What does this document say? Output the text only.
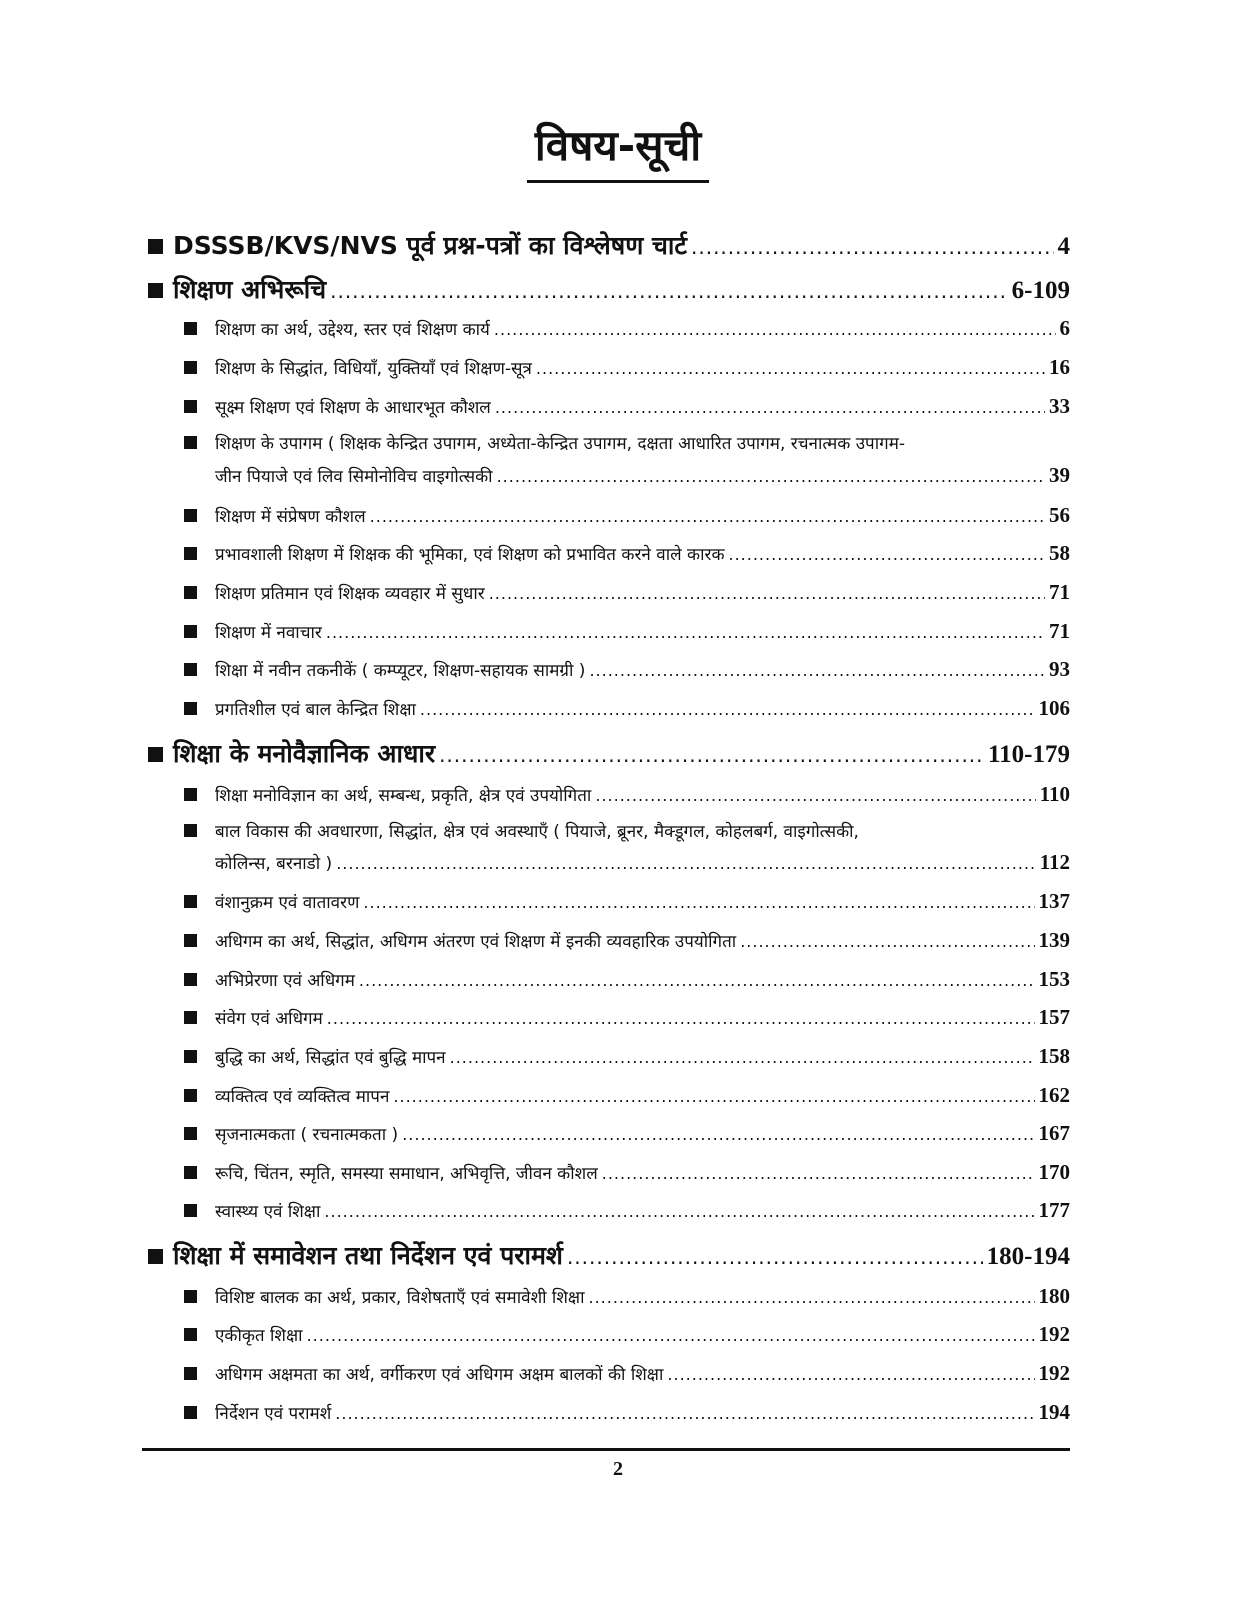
विषय-सूची
DSSSB/KVS/NVS पूर्व प्रश्न-पत्रों का विश्लेषण चार्ट .....	4
शिक्षण अभिरूचि .....	6-109
शिक्षण का अर्थ, उद्देश्य, स्तर एवं शिक्षण कार्य .....	6
शिक्षण के सिद्धांत, विधियाँ, युक्तियाँ एवं शिक्षण-सूत्र .....	16
सूक्ष्म शिक्षण एवं शिक्षण के आधारभूत कौशल .....	33
शिक्षण के उपागम ( शिक्षक केन्द्रित उपागम, अध्येता-केन्द्रित उपागम, दक्षता आधारित उपागम, रचनात्मक उपागम-
जीन पियाजे एवं लिव सिमोनोविच वाइगोत्सकी .....	39
शिक्षण में संप्रेषण कौशल .....	56
प्रभावशाली शिक्षण में शिक्षक की भूमिका, एवं शिक्षण को प्रभावित करने वाले कारक .....	58
शिक्षण प्रतिमान एवं शिक्षक व्यवहार में सुधार .....	71
शिक्षण में नवाचार .....	71
शिक्षा में नवीन तकनीकें ( कम्प्यूटर, शिक्षण-सहायक सामग्री ) .....	93
प्रगतिशील एवं बाल केन्द्रित शिक्षा .....	106
शिक्षा के मनोवैज्ञानिक आधार .....	110-179
शिक्षा मनोविज्ञान का अर्थ, सम्बन्ध, प्रकृति, क्षेत्र एवं उपयोगिता .....	110
बाल विकास की अवधारणा, सिद्धांत, क्षेत्र एवं अवस्थाएँ ( पियाजे, ब्रूनर, मैक्डूगल, कोहलबर्ग, वाइगोत्सकी,
कोलिन्स, बरनाडो ) .....	112
वंशानुक्रम एवं वातावरण .....	137
अधिगम का अर्थ, सिद्धांत, अधिगम अंतरण एवं शिक्षण में इनकी व्यवहारिक उपयोगिता .....	139
अभिप्रेरणा एवं अधिगम .....	153
संवेग एवं अधिगम .....	157
बुद्धि का अर्थ, सिद्धांत एवं बुद्धि मापन .....	158
व्यक्तित्व एवं व्यक्तित्व मापन .....	162
सृजनात्मकता ( रचनात्मकता ) .....	167
रूचि, चिंतन, स्मृति, समस्या समाधान, अभिवृत्ति, जीवन कौशल .....	170
स्वास्थ्य एवं शिक्षा .....	177
शिक्षा में समावेशन तथा निर्देशन एवं परामर्श .....	180-194
विशिष्ट बालक का अर्थ, प्रकार, विशेषताएँ एवं समावेशी शिक्षा .....	180
एकीकृत शिक्षा .....	192
अधिगम अक्षमता का अर्थ, वर्गीकरण एवं अधिगम अक्षम बालकों की शिक्षा .....	192
निर्देशन एवं परामर्श .....	194
2
